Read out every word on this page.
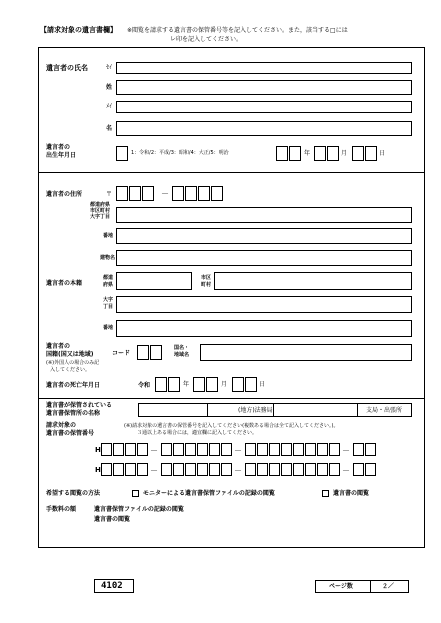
【請求対象の遺言書欄】 ※閲覧を請求する遺言書の保管番号等を記入してください。また，該当する□には
レ印を記入してください。
遺言者の氏名	ｾｲ
姓
ﾒｲ
名
遺言者の
出生年月日	1：令和/2：平成/3：昭和/4：大正/5：明治	年	月	日
遺言者の住所	〒	－
都道府県
市区町村
大字丁目
番地
建物名
遺言者の本籍
都道
府県
市区
町村
大字
丁目
番地
遺言者の
国籍(国又は地域)
(※)外国人の場合のみ記
入してください。
コード
国名・
地域名
遺言者の死亡年月日	令和	年	月	日
遺言書が保管されている
遺言書保管所の名称	(地方)法務局	支局・出張所
請求対象の
遺言書の保管番号
(※)請求対象の遺言書の保管番号を記入してください(複数ある場合は全て記入してください。)。
３通以上ある場合には，適宜欄に記入してください。
H	－	－	－
H	－	－	－
希望する閲覧の方法	モニターによる遺言書保管ファイルの記録の閲覧	遺言書の閲覧
手数料の額	遺言書保管ファイルの記録の閲覧
遺言書の閲覧
4102	ページ数	２／
